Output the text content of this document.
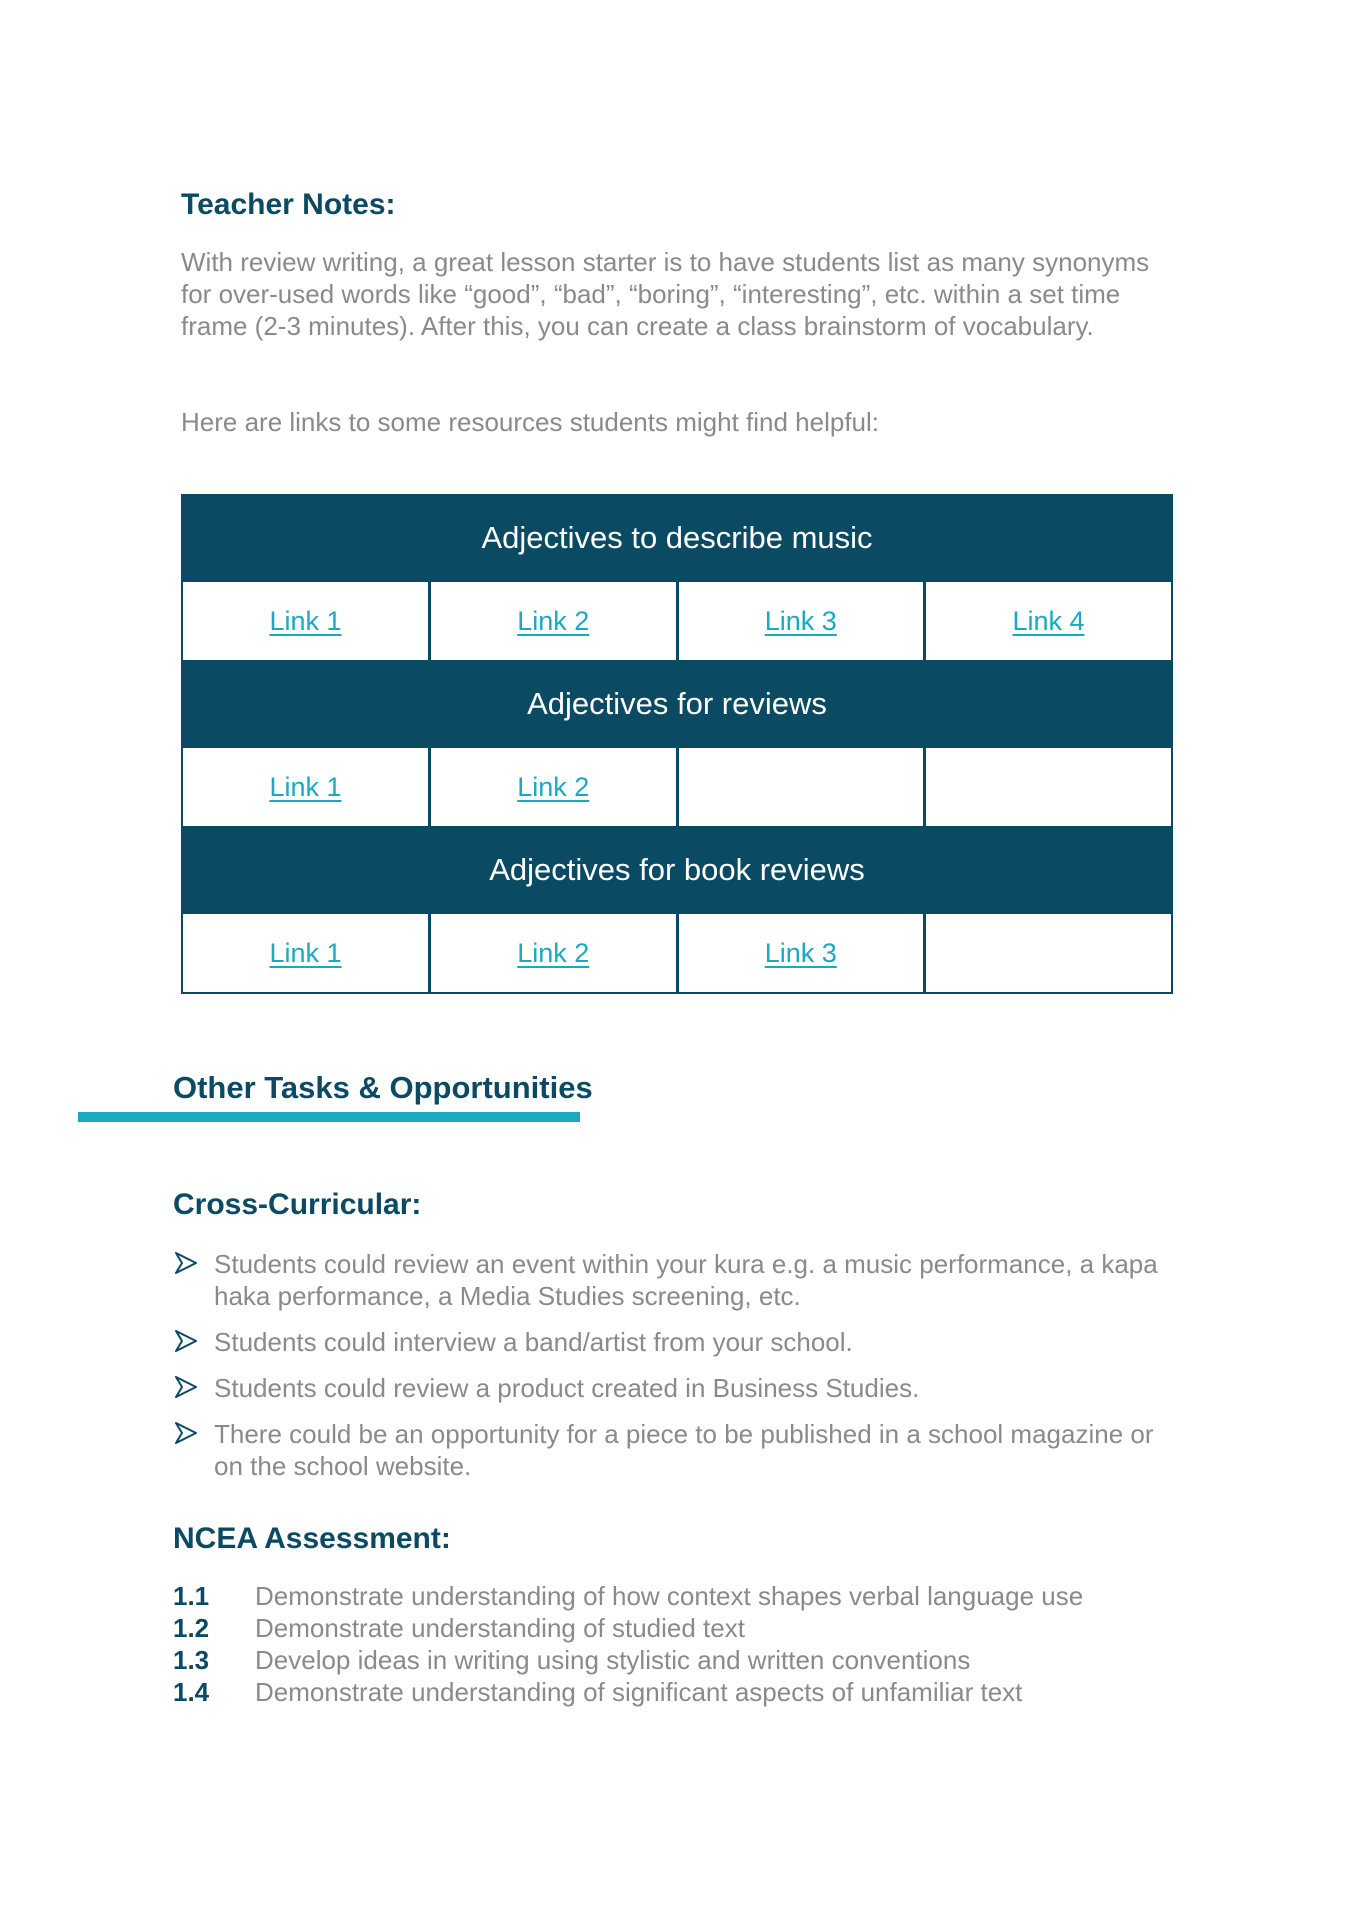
Teacher Notes:

With review writing, a great lesson starter is to have students list as many synonyms for over-used words like “good”, “bad”, “boring”, “interesting”, etc. within a set time frame (2-3 minutes). After this, you can create a class brainstorm of vocabulary.

Here are links to some resources students might find helpful:

Adjectives to describe music			
Link 1	Link 2	Link 3	Link 4
Adjectives for reviews			
Link 1	Link 2		
Adjectives for book reviews			
Link 1	Link 2	Link 3	
Other Tasks & Opportunities
Cross-Curricular:
Students could review an event within your kura e.g. a music performance, a kapa haka performance, a Media Studies screening, etc.
Students could interview a band/artist from your school.
Students could review a product created in Business Studies.
There could be an opportunity for a piece to be published in a school magazine or on the school website.
NCEA Assessment:
1.1	Demonstrate understanding of how context shapes verbal language use
1.2	Demonstrate understanding of studied text
1.3	Develop ideas in writing using stylistic and written conventions
1.4	Demonstrate understanding of significant aspects of unfamiliar text
